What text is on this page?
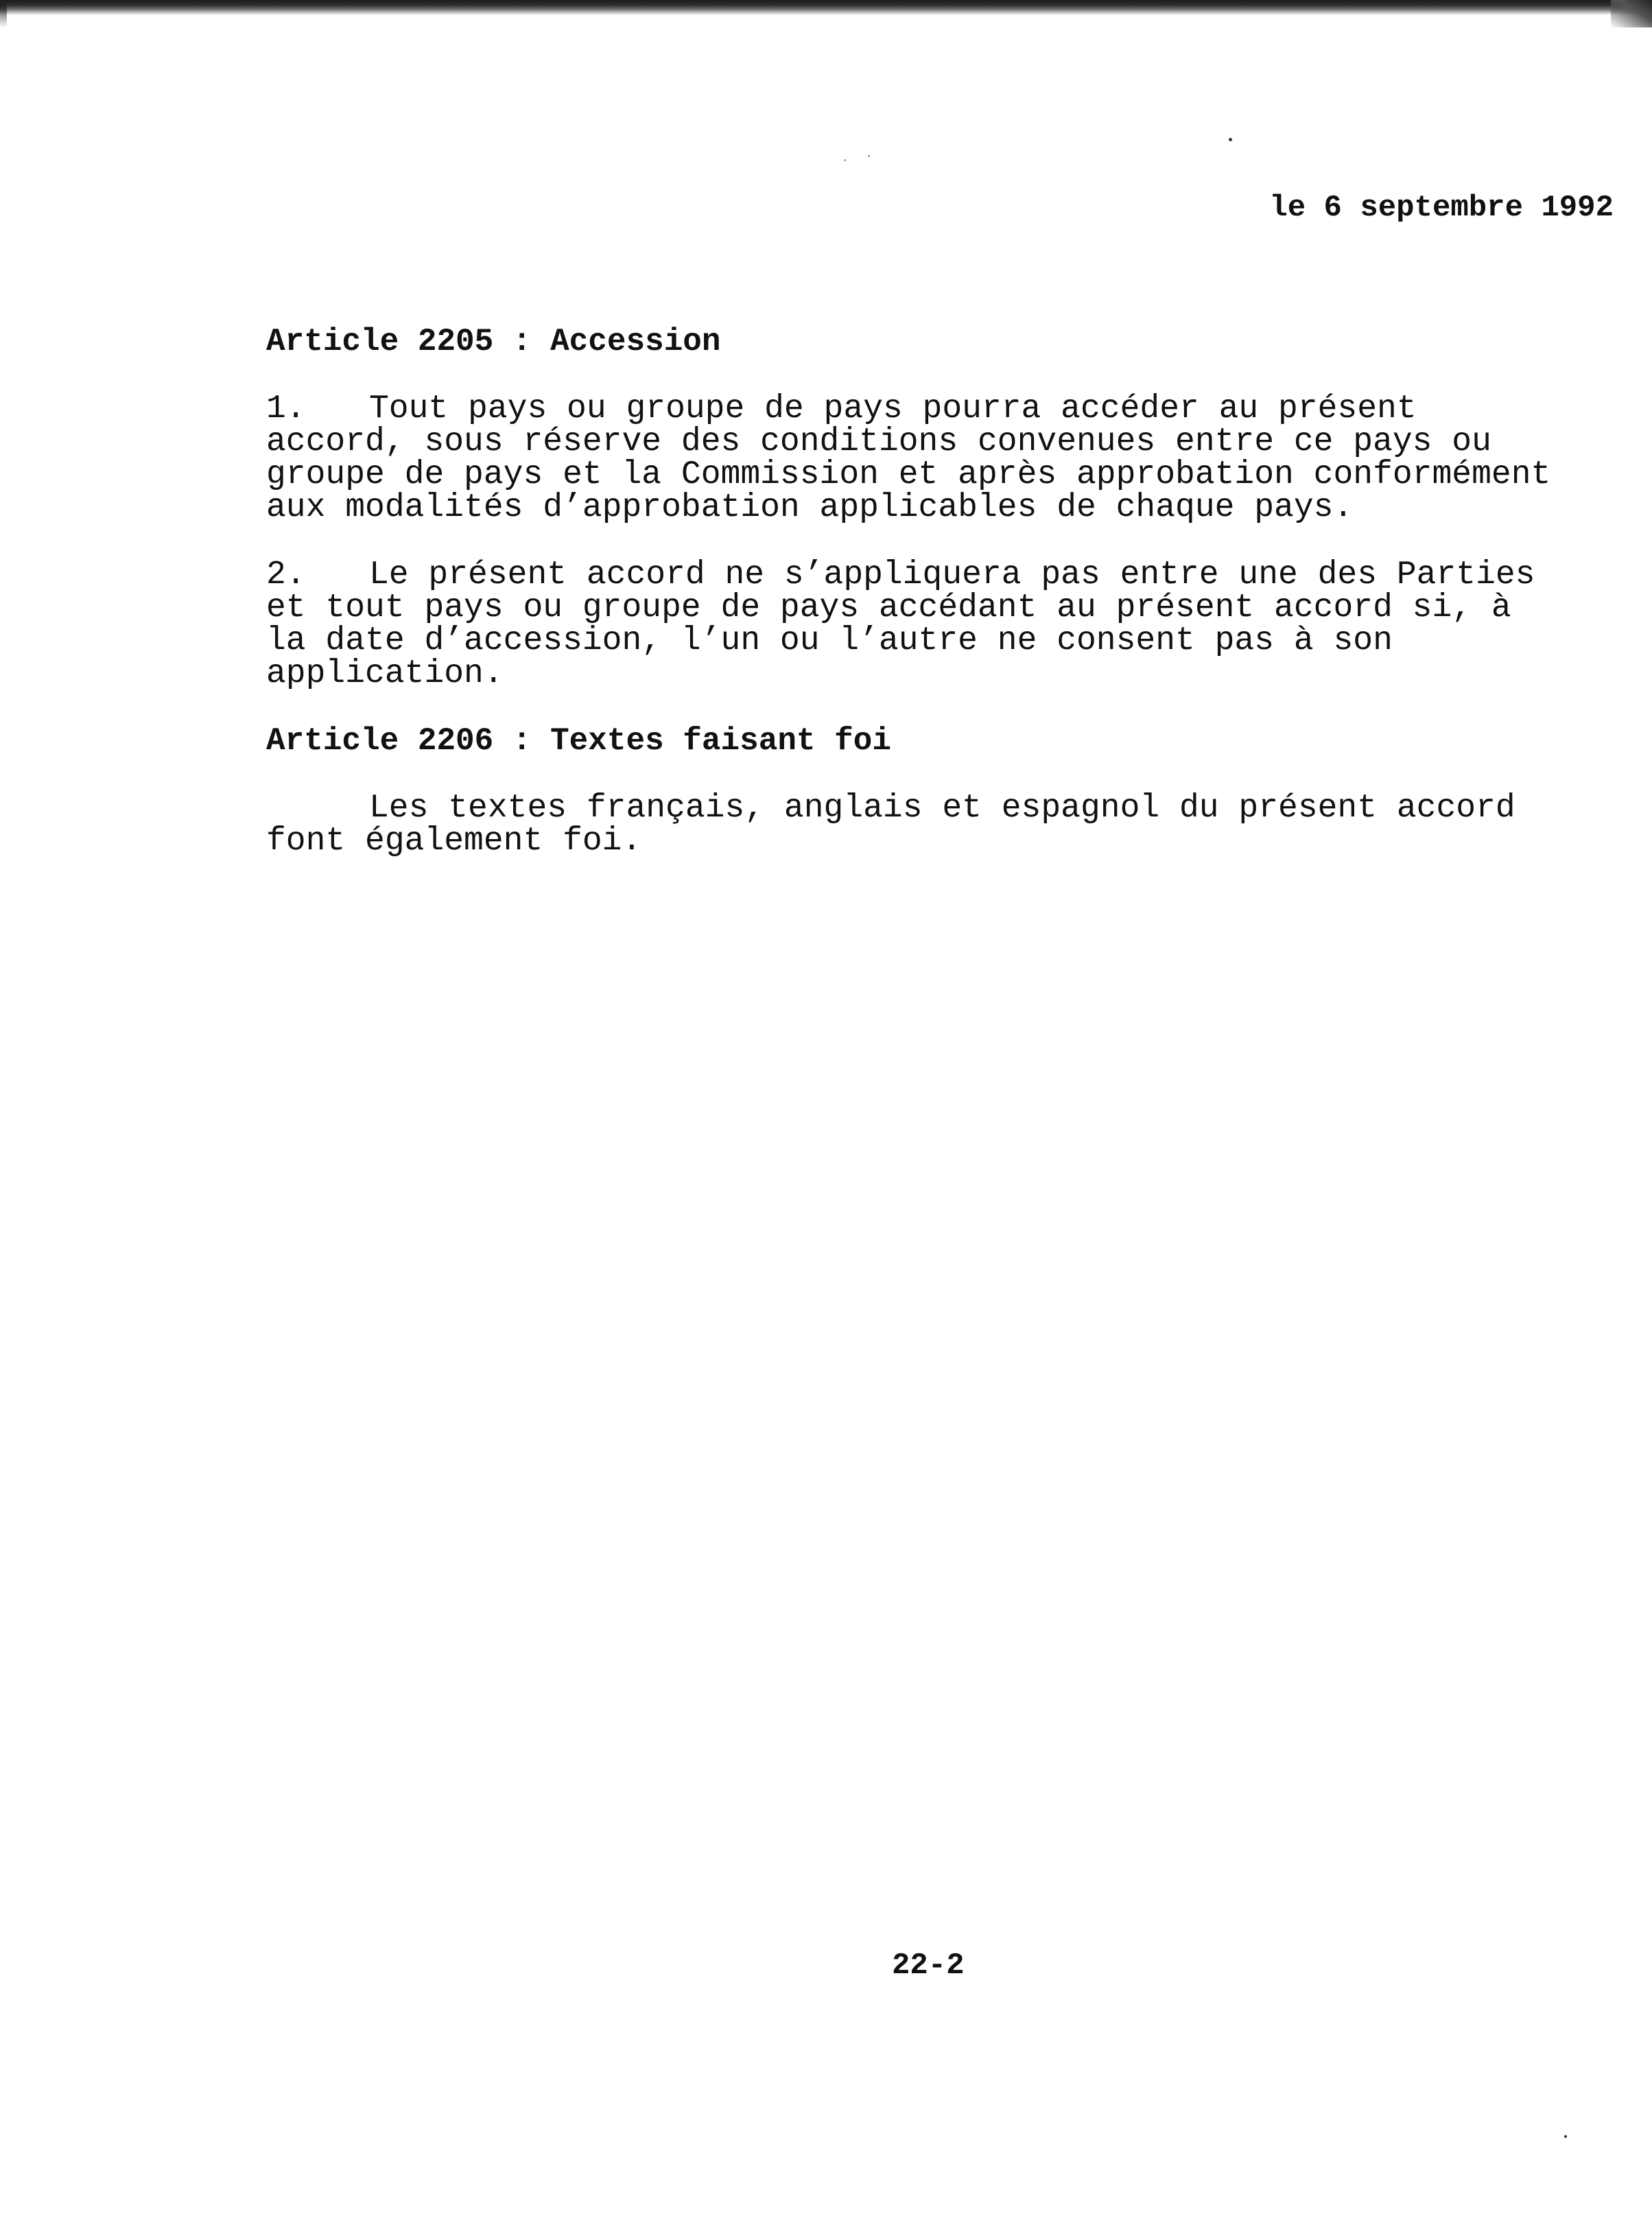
le 6 septembre 1992
Article 2205 : Accession
1. Tout pays ou groupe de pays pourra accéder au présent
accord, sous réserve des conditions convenues entre ce pays ou
groupe de pays et la Commission et après approbation conformément
aux modalités d’approbation applicables de chaque pays.
2. Le présent accord ne s’appliquera pas entre une des Parties
et tout pays ou groupe de pays accédant au présent accord si, à
la date d’accession, l’un ou l’autre ne consent pas à son
application.
Article 2206 : Textes faisant foi
Les textes français, anglais et espagnol du présent accord
font également foi.
22-2
